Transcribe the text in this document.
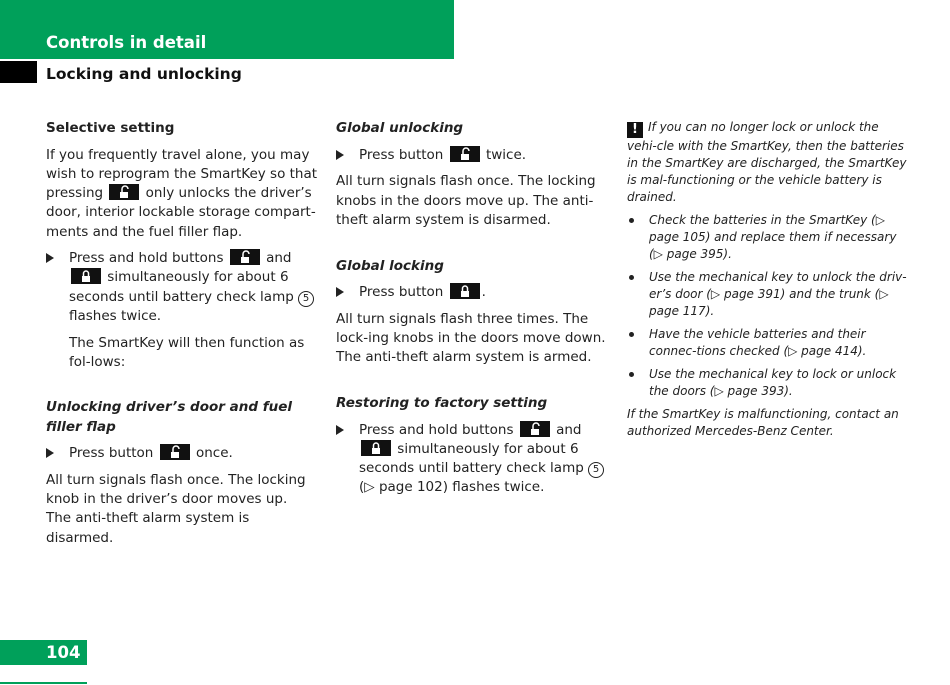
Controls in detail
Locking and unlocking
Selective setting

If you frequently travel alone, you may wish to reprogram the SmartKey so that pressing	only unlocks the driver’s door, interior lockable storage compart-ments and the fuel filler flap.

Press and hold buttons	and

simultaneously for about 6 seconds until battery check lamp 5 flashes twice.
The SmartKey will then function as fol-lows:
Unlocking driver’s door and fuel filler flap
Press button	once.

All turn signals flash once. The locking knob in the driver’s door moves up.
The anti-theft alarm system is disarmed.

Global unlocking
Press button	twice.

All turn signals flash once. The locking knobs in the doors move up. The anti-theft alarm system is disarmed.

Global locking
Press button	.

All turn signals flash three times. The lock-ing knobs in the doors move down.
The anti-theft alarm system is armed.

Restoring to factory setting
Press and hold buttons	and
simultaneously for about 6 seconds until battery check lamp 5
(▷ page 102) flashes twice.

! If you can no longer lock or unlock the vehi-cle with the SmartKey, then the batteries in the SmartKey are discharged, the SmartKey is mal-functioning or the vehicle battery is drained.

Check the batteries in the SmartKey (▷ page 105) and replace them if necessary (▷ page 395).
Use the mechanical key to unlock the driv-er’s door (▷ page 391) and the trunk (▷ page 117).
Have the vehicle batteries and their connec-tions checked (▷ page 414).
Use the mechanical key to lock or unlock the doors (▷ page 393).

If the SmartKey is malfunctioning, contact an authorized Mercedes-Benz Center.

104
